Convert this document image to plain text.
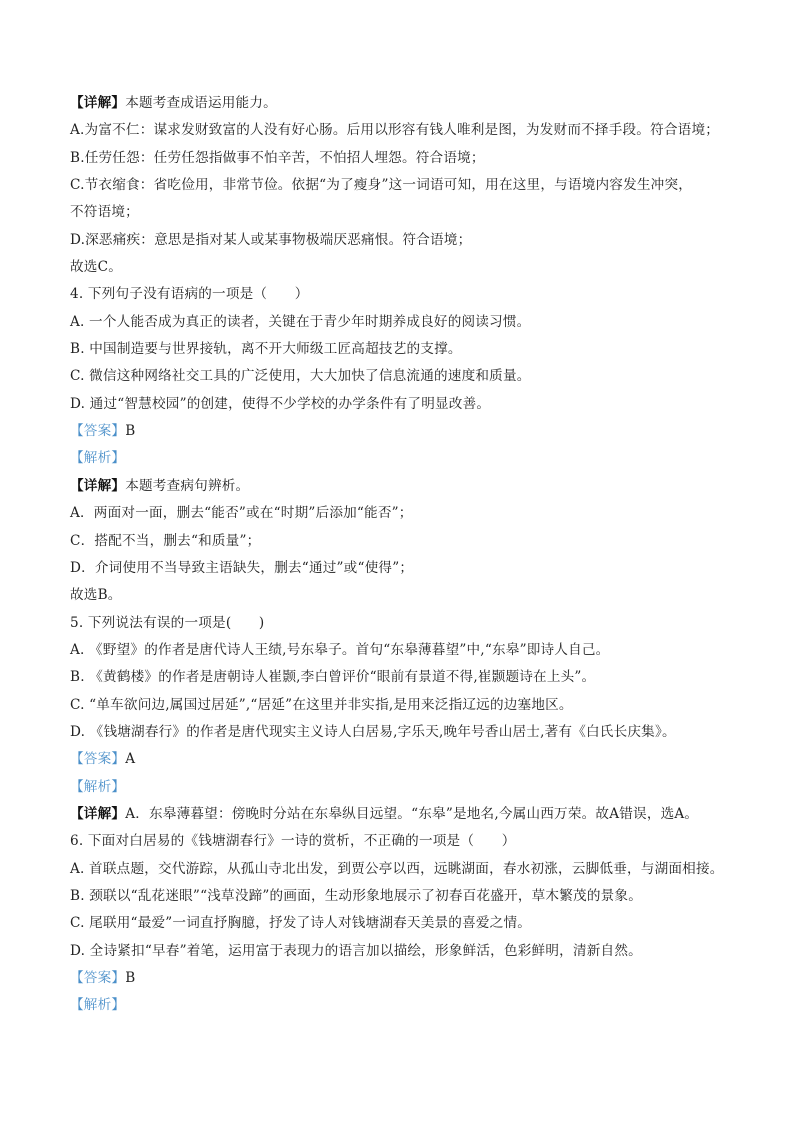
【详解】本题考查成语运用能力。
A.为富不仁：谋求发财致富的人没有好心肠。后用以形容有钱人唯利是图，为发财而不择手段。符合语境；
B.任劳任怨：任劳任怨指做事不怕辛苦，不怕招人埋怨。符合语境；
C.节衣缩食：省吃俭用，非常节俭。依据“为了瘦身”这一词语可知，用在这里，与语境内容发生冲突，
不符语境；
D.深恶痛疾：意思是指对某人或某事物极端厌恶痛恨。符合语境；
故选C。
4. 下列句子没有语病的一项是（　　）
A. 一个人能否成为真正的读者，关键在于青少年时期养成良好的阅读习惯。
B. 中国制造要与世界接轨，离不开大师级工匠高超技艺的支撑。
C. 微信这种网络社交工具的广泛使用，大大加快了信息流通的速度和质量。
D. 通过“智慧校园”的创建，使得不少学校的办学条件有了明显改善。
【答案】B
【解析】
【详解】本题考查病句辨析。
A．两面对一面，删去“能否”或在“时期”后添加“能否”；
C．搭配不当，删去“和质量”；
D．介词使用不当导致主语缺失，删去“通过”或“使得”；
故选B。
5. 下列说法有误的一项是(　　)
A. 《野望》的作者是唐代诗人王绩,号东皋子。首句“东皋薄暮望”中,“东皋”即诗人自己。
B. 《黄鹤楼》的作者是唐朝诗人崔颢,李白曾评价“眼前有景道不得,崔颢题诗在上头”。
C. “单车欲问边,属国过居延”,“居延”在这里并非实指,是用来泛指辽远的边塞地区。
D. 《钱塘湖春行》的作者是唐代现实主义诗人白居易,字乐天,晚年号香山居士,著有《白氏长庆集》。
【答案】A
【解析】
【详解】A．东皋薄暮望：傍晚时分站在东皋纵目远望。“东皋”是地名,今属山西万荣。故A错误，选A。
6. 下面对白居易的《钱塘湖春行》一诗的赏析，不正确的一项是（　　）
A. 首联点题，交代游踪，从孤山寺北出发，到贾公亭以西，远眺湖面，春水初涨，云脚低垂，与湖面相接。
B. 颈联以“乱花迷眼”“浅草没蹄”的画面，生动形象地展示了初春百花盛开，草木繁茂的景象。
C. 尾联用“最爱”一词直抒胸臆，抒发了诗人对钱塘湖春天美景的喜爱之情。
D. 全诗紧扣“早春”着笔，运用富于表现力的语言加以描绘，形象鲜活，色彩鲜明，清新自然。
【答案】B
【解析】
